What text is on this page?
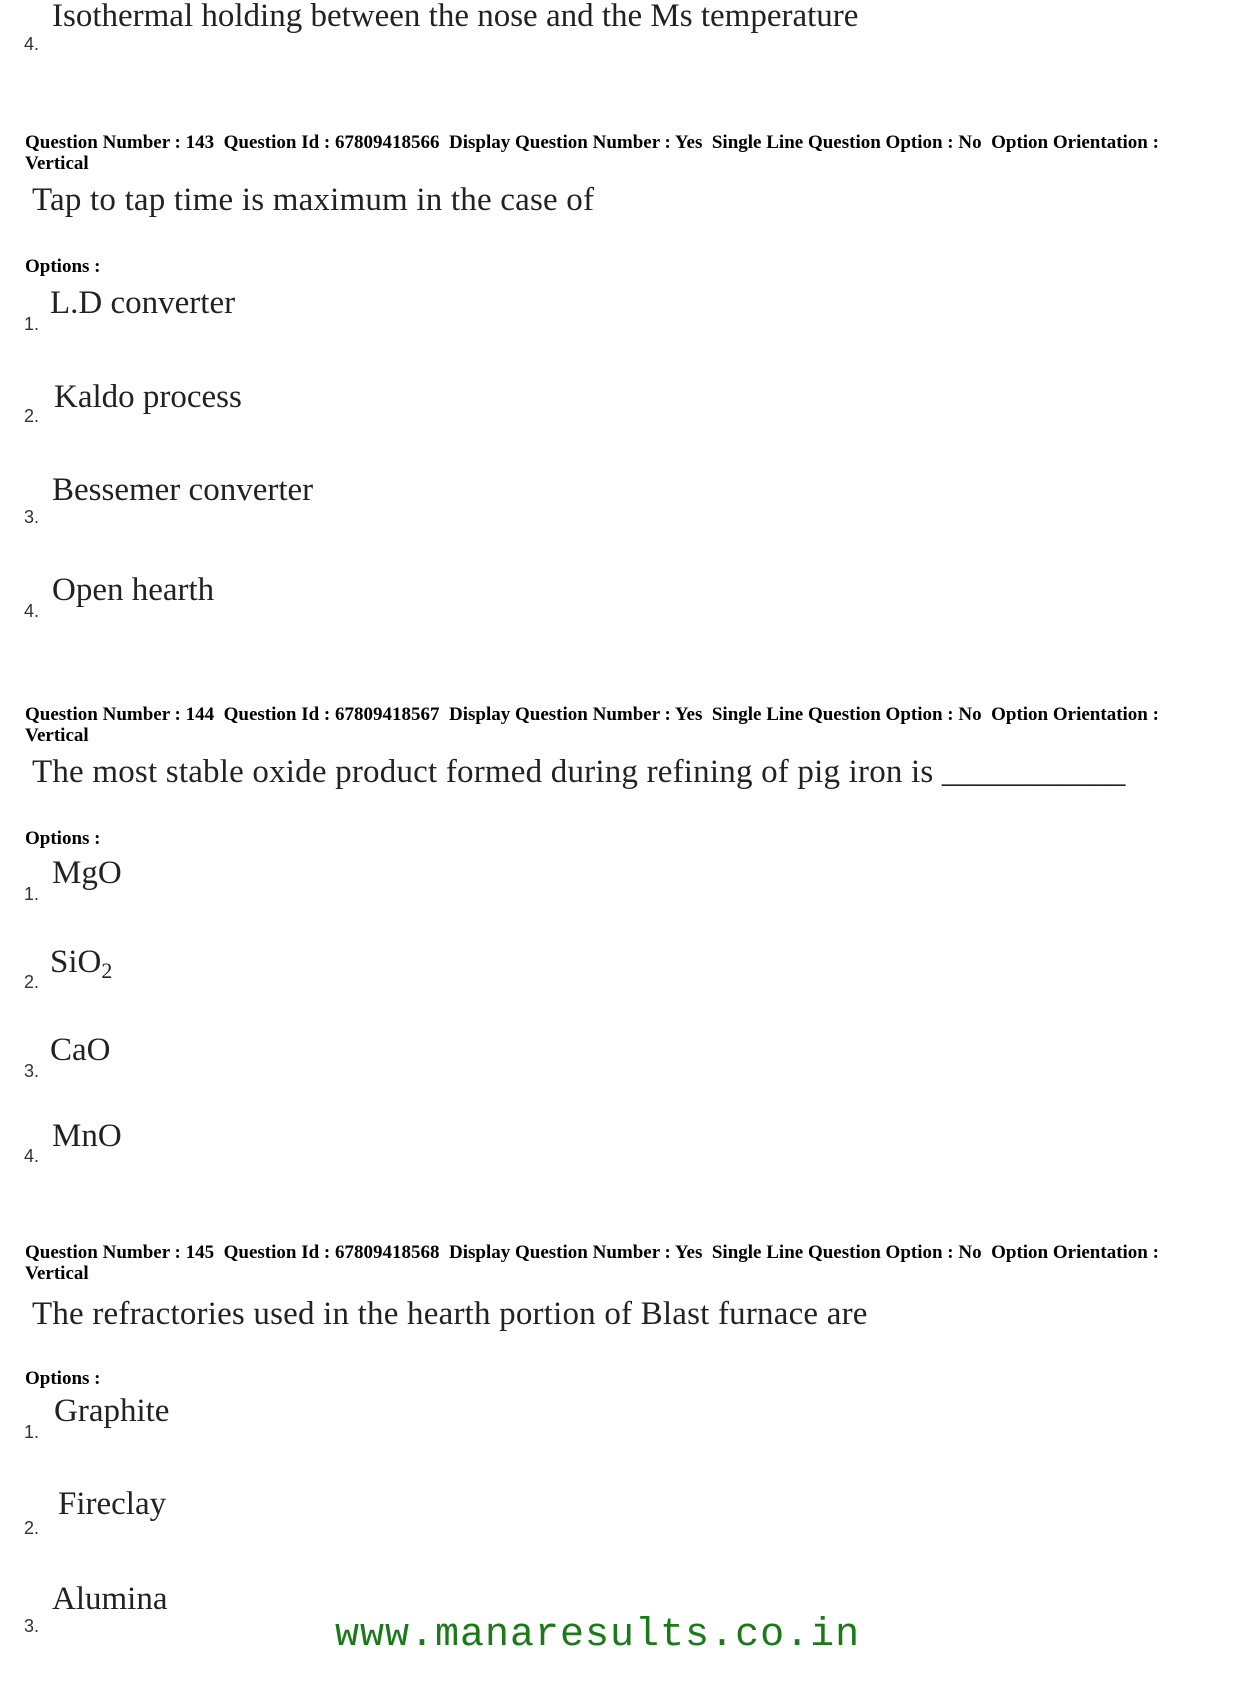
4.
Isothermal holding between the nose and the Ms temperature
Question Number : 143  Question Id : 67809418566  Display Question Number : Yes  Single Line Question Option : No  Option Orientation : Vertical
Tap to tap time is maximum in the case of
Options :
1.
L.D converter
2.
Kaldo process
3.
Bessemer converter
4.
Open hearth
Question Number : 144  Question Id : 67809418567  Display Question Number : Yes  Single Line Question Option : No  Option Orientation : Vertical
The most stable oxide product formed during refining of pig iron is ___________
Options :
1.
MgO
2.
SiO$_2$
3.
CaO
4.
MnO
Question Number : 145  Question Id : 67809418568  Display Question Number : Yes  Single Line Question Option : No  Option Orientation : Vertical
The refractories used in the hearth portion of Blast furnace are
Options :
1.
Graphite
2.
Fireclay
3.
Alumina
www.manaresults.co.in
